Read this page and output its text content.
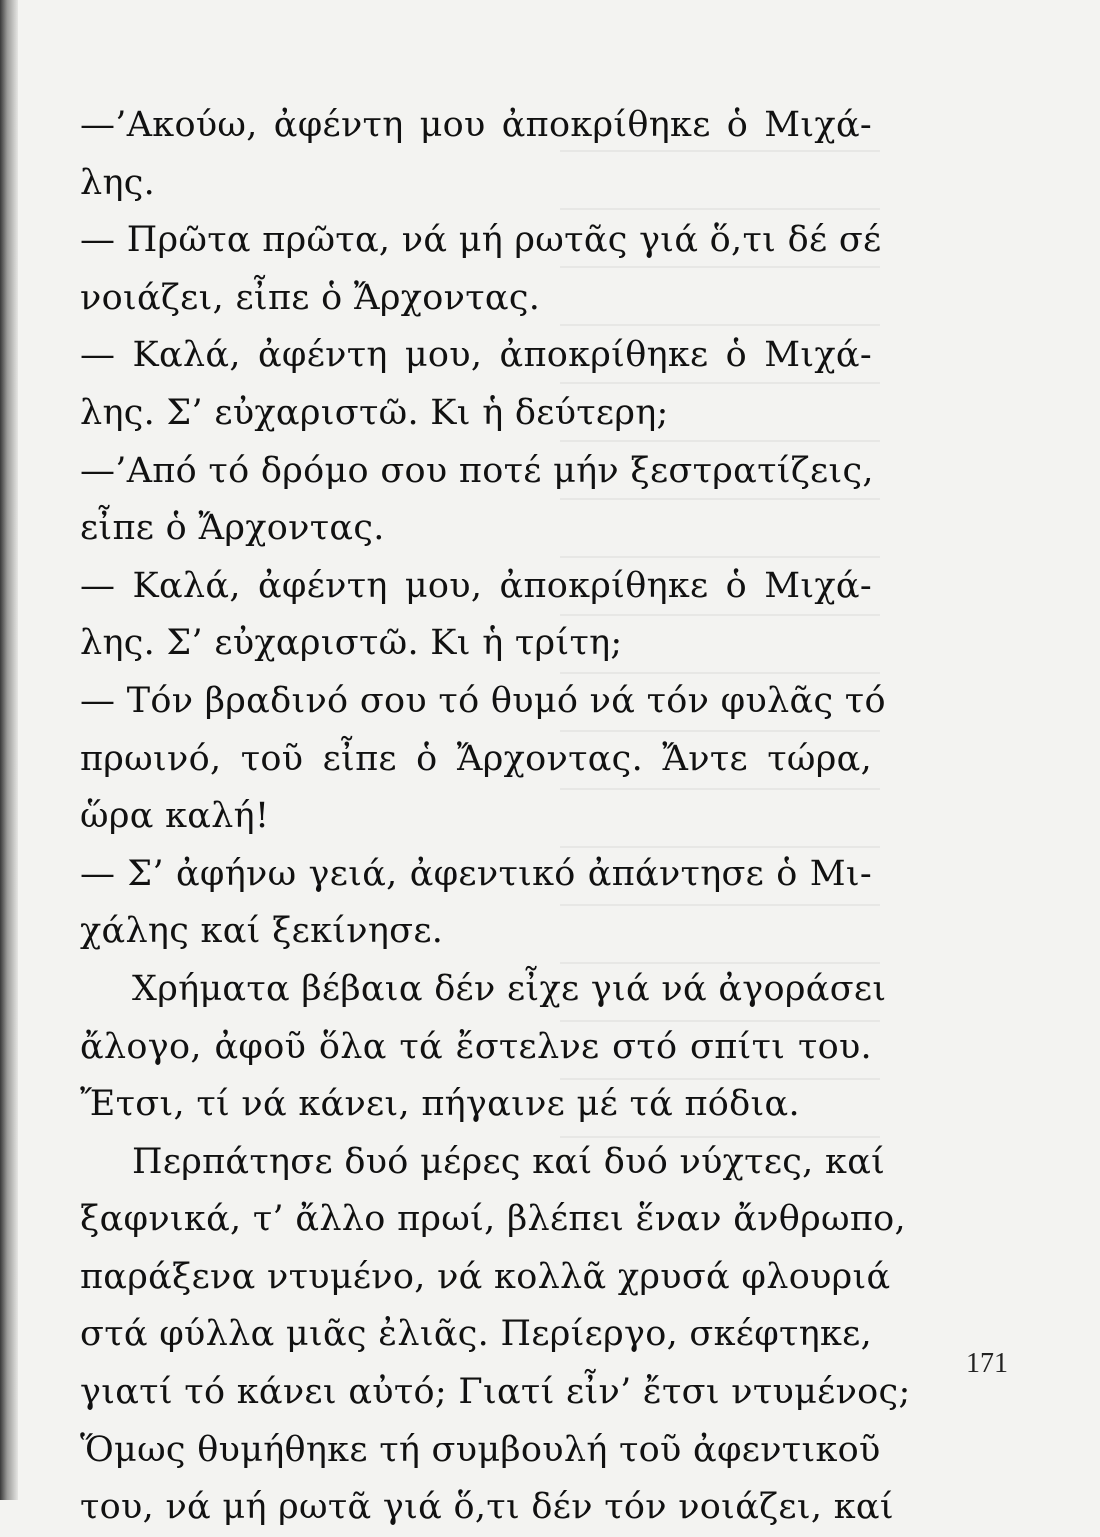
—’Ακούω, ἀφέντη μου ἀποκρίθηκε ὁ Μιχά-
λης.
— Πρῶτα πρῶτα, νά μή ρωτᾶς γιά ὅ,τι δέ σέ
νοιάζει, εἶπε ὁ Ἄρχοντας.
— Καλά, ἀφέντη μου, ἀποκρίθηκε ὁ Μιχά-
λης. Σ’ εὐχαριστῶ. Κι ἡ δεύτερη;
—’Από τό δρόμο σου ποτέ μήν ξεστρατίζεις,
εἶπε ὁ Ἄρχοντας.
— Καλά, ἀφέντη μου, ἀποκρίθηκε ὁ Μιχά-
λης. Σ’ εὐχαριστῶ. Κι ἡ τρίτη;
— Τόν βραδινό σου τό θυμό νά τόν φυλᾶς τό
πρωινό, τοῦ εἶπε ὁ Ἄρχοντας. Ἄντε τώρα,
ὥρα καλή!
— Σ’ ἀφήνω γειά, ἀφεντικό ἀπάντησε ὁ Μι-
χάλης καί ξεκίνησε.
Χρήματα βέβαια δέν εἶχε γιά νά ἀγοράσει
ἄλογο, ἀφοῦ ὅλα τά ἔστελνε στό σπίτι του.
Ἔτσι, τί νά κάνει, πήγαινε μέ τά πόδια.
Περπάτησε δυό μέρες καί δυό νύχτες, καί
ξαφνικά, τ’ ἄλλο πρωί, βλέπει ἕναν ἄνθρωπο,
παράξενα ντυμένο, νά κολλᾶ χρυσά φλουριά
στά φύλλα μιᾶς ἐλιᾶς. Περίεργο, σκέφτηκε,
γιατί τό κάνει αὐτό; Γιατί εἶν’ ἔτσι ντυμένος;
Ὅμως θυμήθηκε τή συμβουλή τοῦ ἀφεντικοῦ
του, νά μή ρωτᾶ γιά ὅ,τι δέν τόν νοιάζει, καί
171
